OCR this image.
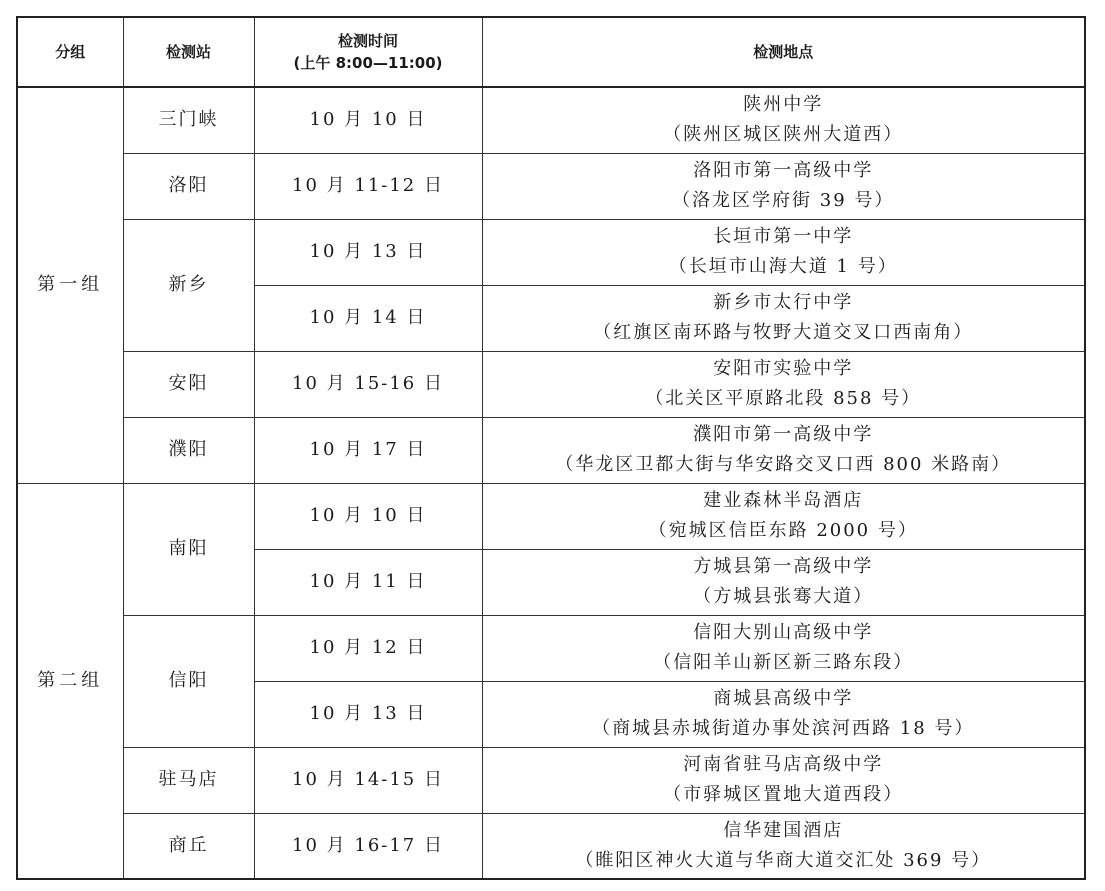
分组	检测站	检测时间
(上午 8:00—11:00)	检测地点
第一组	三门峡	10 月 10 日	陕州中学
（ 陕州区城区陕州大道西 ）

	洛阳	10 月 11-12 日	洛阳市第一高级中学
（ 洛龙区学府街 39 号 ）

	新乡	10 月 13 日	长垣市第一中学
（ 长垣市山海大道 1 号 ）

		10 月 14 日	新乡市太行中学
（ 红旗区南环路与牧野大道交叉口西南角 ）

	安阳	10 月 15-16 日	安阳市实验中学
（ 北关区平原路北段 858 号 ）

	濮阳	10 月 17 日	濮阳市第一高级中学
（ 华龙区卫都大街与华安路交叉口西 800 米路南 ）

第二组	南阳	10 月 10 日	建业森林半岛酒店
（ 宛城区信臣东路 2000 号 ）

		10 月 11 日	方城县第一高级中学
（ 方城县张骞大道 ）

	信阳	10 月 12 日	信阳大别山高级中学
（ 信阳羊山新区新三路东段 ）

		10 月 13 日	商城县高级中学
（ 商城县赤城街道办事处滨河西路 18 号 ）

	驻马店	10 月 14-15 日	河南省驻马店高级中学
（ 市驿城区置地大道西段 ）

	商丘	10 月 16-17 日	信华建国酒店
（ 睢阳区神火大道与华商大道交汇处 369 号 ）
